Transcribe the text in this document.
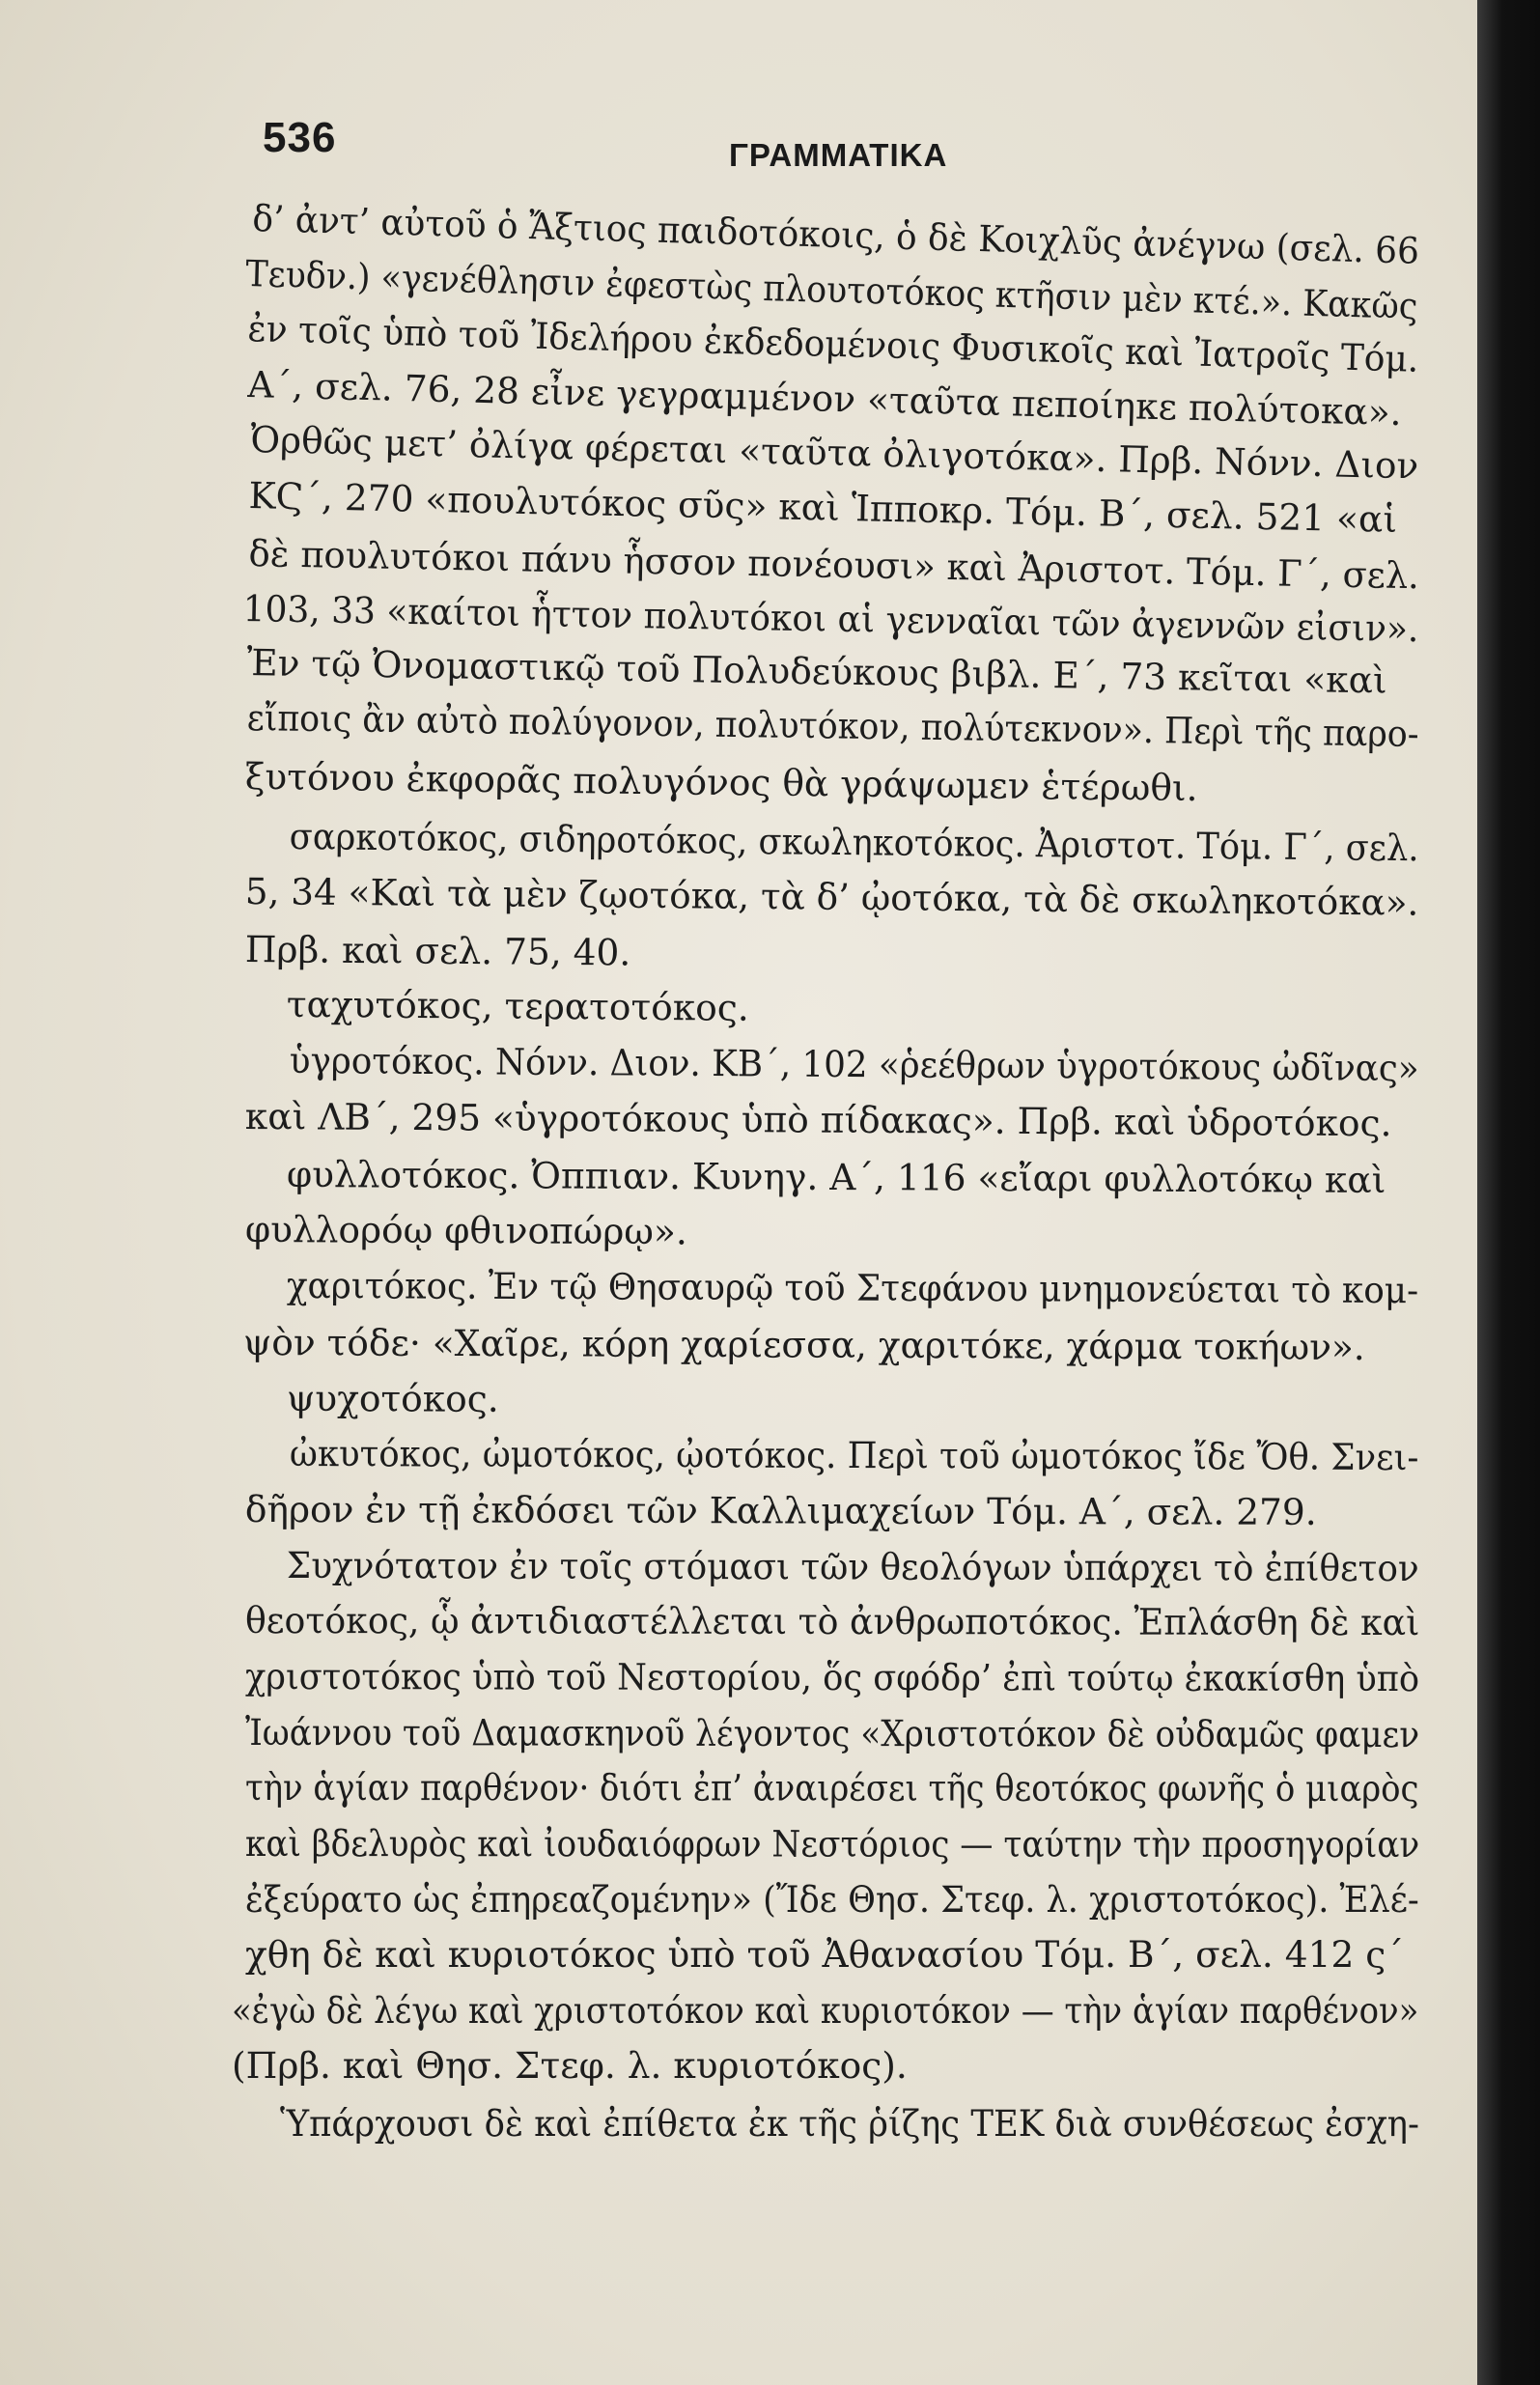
536	ΓΡΑΜΜΑΤΙΚΑ
δ’ ἀντ’ αὐτοῦ ὁ Ἄξτιος παιδοτόκοις, ὁ δὲ Κοιχλῦς ἀνέγνω (σελ. 66
Τευδν.) «γενέθλησιν ἐφεστὼς πλουτοτόκος κτῆσιν μὲν κτέ.». Κακῶς
ἐν τοῖς ὑπὸ τοῦ Ἰδελήρου ἐκδεδομένοις Φυσικοῖς καὶ Ἰατροῖς Τόμ.
Α΄, σελ. 76, 28 εἶνε γεγραμμένον «ταῦτα πεποίηκε πολύτοκα».
Ὀρθῶς μετ’ ὀλίγα φέρεται «ταῦτα ὀλιγοτόκα». Πρβ. Νόνν. Διον
ΚϚ΄, 270 «πουλυτόκος σῦς» καὶ Ἱπποκρ. Τόμ. Β΄, σελ. 521 «αἱ
δὲ πουλυτόκοι πάνυ ἧσσον πονέουσι» καὶ Ἀριστοτ. Τόμ. Γ΄, σελ.
103, 33 «καίτοι ἧττον πολυτόκοι αἱ γενναῖαι τῶν ἀγεννῶν εἰσιν».
Ἐν τῷ Ὀνομαστικῷ τοῦ Πολυδεύκους βιβλ. Ε΄, 73 κεῖται «καὶ
εἴποις ἂν αὐτὸ πολύγονον, πολυτόκον, πολύτεκνον». Περὶ τῆς παρο-
ξυτόνου ἐκφορᾶς πολυγόνος θὰ γράψωμεν ἑτέρωθι.
σαρκοτόκος, σιδηροτόκος, σκωληκοτόκος. Ἀριστοτ. Τόμ. Γ΄, σελ.
5, 34 «Καὶ τὰ μὲν ζῳοτόκα, τὰ δ’ ᾠοτόκα, τὰ δὲ σκωληκοτόκα».
Πρβ. καὶ σελ. 75, 40.
ταχυτόκος, τερατοτόκος.
ὑγροτόκος. Νόνν. Διον. ΚΒ΄, 102 «ῥεέθρων ὑγροτόκους ὠδῖνας»
καὶ ΛΒ΄, 295 «ὑγροτόκους ὑπὸ πίδακας». Πρβ. καὶ ὑδροτόκος.
φυλλοτόκος. Ὀππιαν. Κυνηγ. Α΄, 116 «εἴαρι φυλλοτόκῳ καὶ
φυλλορόῳ φθινοπώρῳ».
χαριτόκος. Ἐν τῷ Θησαυρῷ τοῦ Στεφάνου μνημονεύεται τὸ κομ-
ψὸν τόδε· «Χαῖρε, κόρη χαρίεσσα, χαριτόκε, χάρμα τοκήων».
ψυχοτόκος.
ὠκυτόκος, ὠμοτόκος, ᾠοτόκος. Περὶ τοῦ ὠμοτόκος ἴδε Ὄθ. Σνει-
δῆρον ἐν τῇ ἐκδόσει τῶν Καλλιμαχείων Τόμ. Α΄, σελ. 279.
Συχνότατον ἐν τοῖς στόμασι τῶν θεολόγων ὑπάρχει τὸ ἐπίθετον
θεοτόκος, ᾧ ἀντιδιαστέλλεται τὸ ἀνθρωποτόκος. Ἐπλάσθη δὲ καὶ
χριστοτόκος ὑπὸ τοῦ Νεστορίου, ὅς σφόδρ’ ἐπὶ τούτῳ ἐκακίσθη ὑπὸ
Ἰωάννου τοῦ Δαμασκηνοῦ λέγοντος «Χριστοτόκον δὲ οὐδαμῶς φαμεν
τὴν ἁγίαν παρθένον· διότι ἐπ’ ἀναιρέσει τῆς θεοτόκος φωνῆς ὁ μιαρὸς
καὶ βδελυρὸς καὶ ἰουδαιόφρων Νεστόριος — ταύτην τὴν προσηγορίαν
ἐξεύρατο ὡς ἐπηρεαζομένην» (Ἴδε Θησ. Στεφ. λ. χριστοτόκος). Ἐλέ-
χθη δὲ καὶ κυριοτόκος ὑπὸ τοῦ Ἀθανασίου Τόμ. Β΄, σελ. 412 ς΄
«ἐγὼ δὲ λέγω καὶ χριστοτόκον καὶ κυριοτόκον — τὴν ἁγίαν παρθένον»
(Πρβ. καὶ Θησ. Στεφ. λ. κυριοτόκος).
Ὑπάρχουσι δὲ καὶ ἐπίθετα ἐκ τῆς ῥίζης ΤΕΚ διὰ συνθέσεως ἐσχη-
